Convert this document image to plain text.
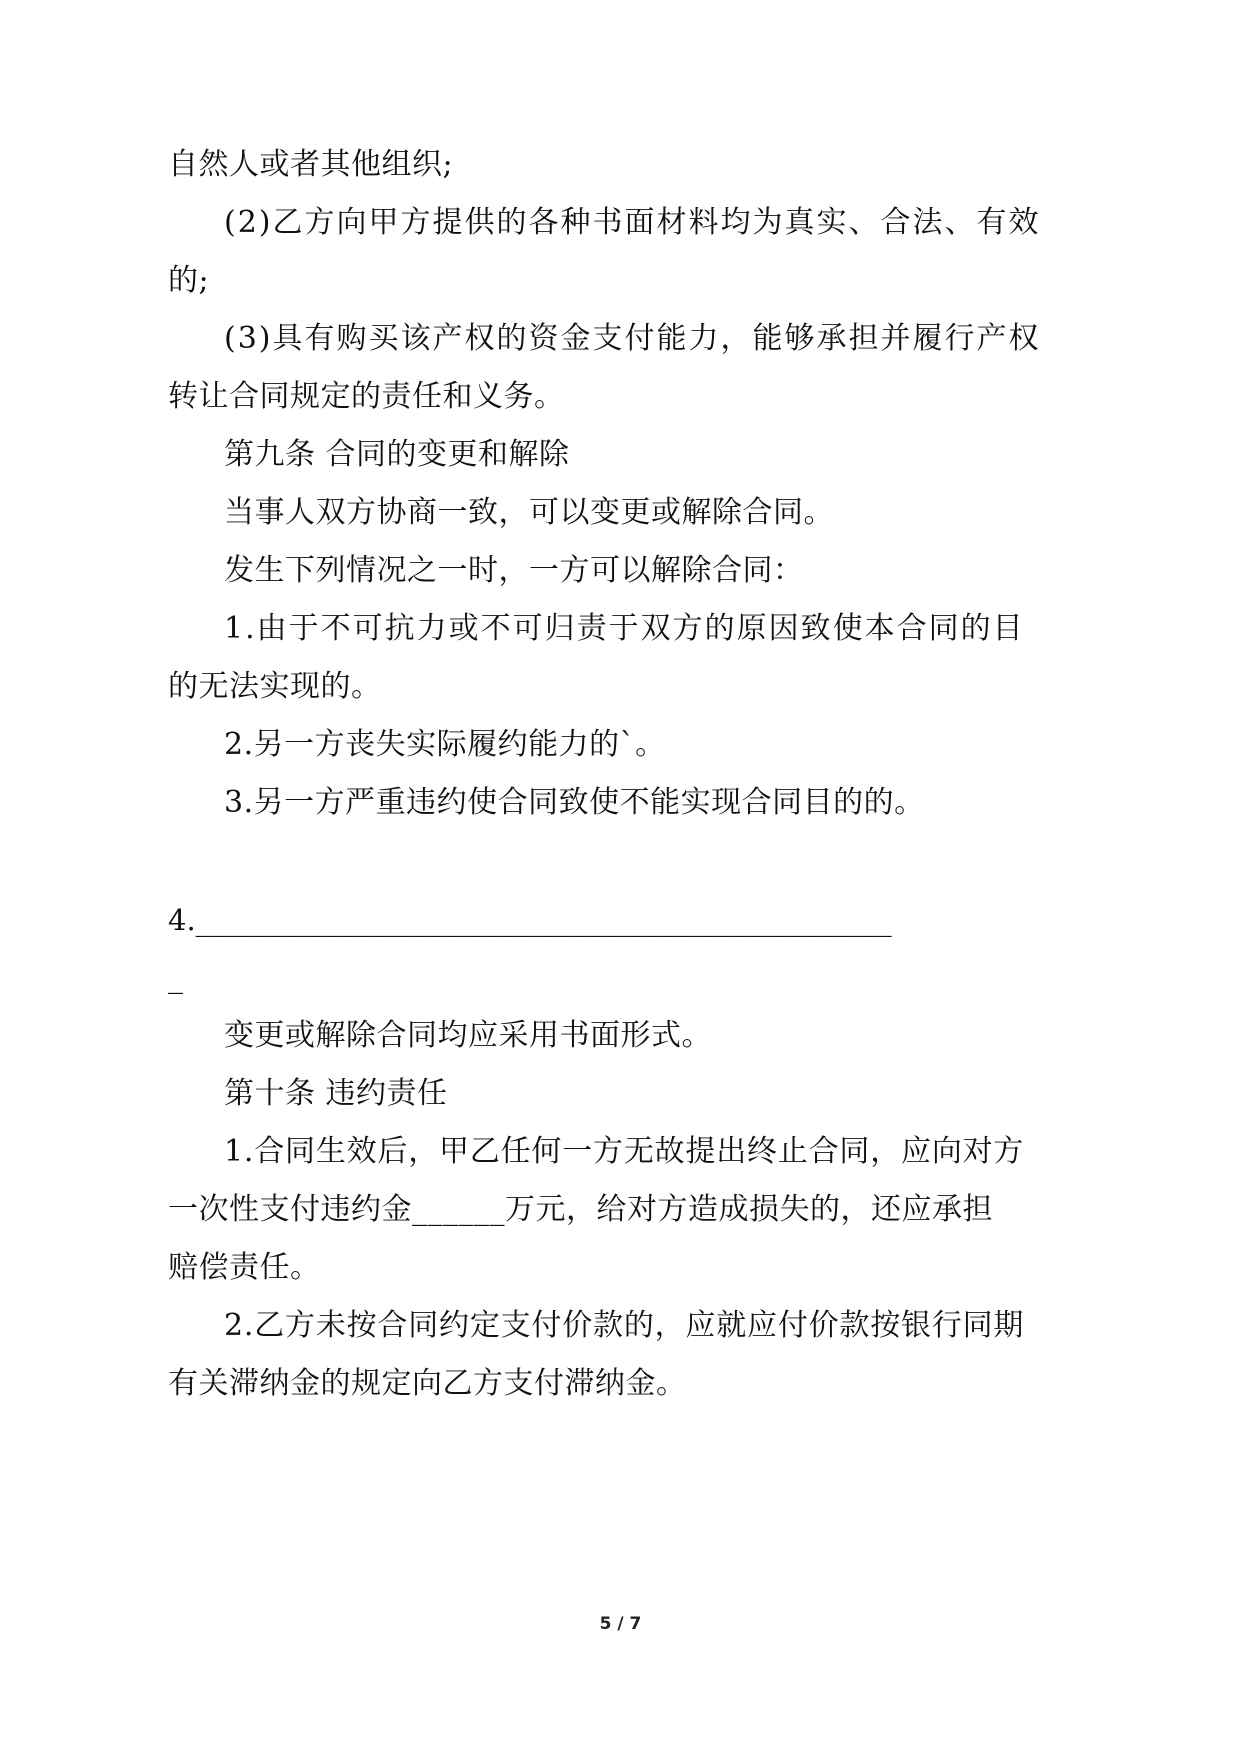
自然人或者其他组织;
(2)乙方向甲方提供的各种书面材料均为真实、合法、有效
的;
(3)具有购买该产权的资金支付能力，能够承担并履行产权
转让合同规定的责任和义务。
第九条 合同的变更和解除
当事人双方协商一致，可以变更或解除合同。
发生下列情况之一时，一方可以解除合同：
1.由于不可抗力或不可归责于双方的原因致使本合同的目
的无法实现的。
2.另一方丧失实际履约能力的`。
3.另一方严重违约使合同致使不能实现合同目的的。
4.________________________________________________
_
变更或解除合同均应采用书面形式。
第十条 违约责任
1.合同生效后，甲乙任何一方无故提出终止合同，应向对方
一次性支付违约金______万元，给对方造成损失的，还应承担
赔偿责任。
2.乙方未按合同约定支付价款的，应就应付价款按银行同期
有关滞纳金的规定向乙方支付滞纳金。
5 / 7
